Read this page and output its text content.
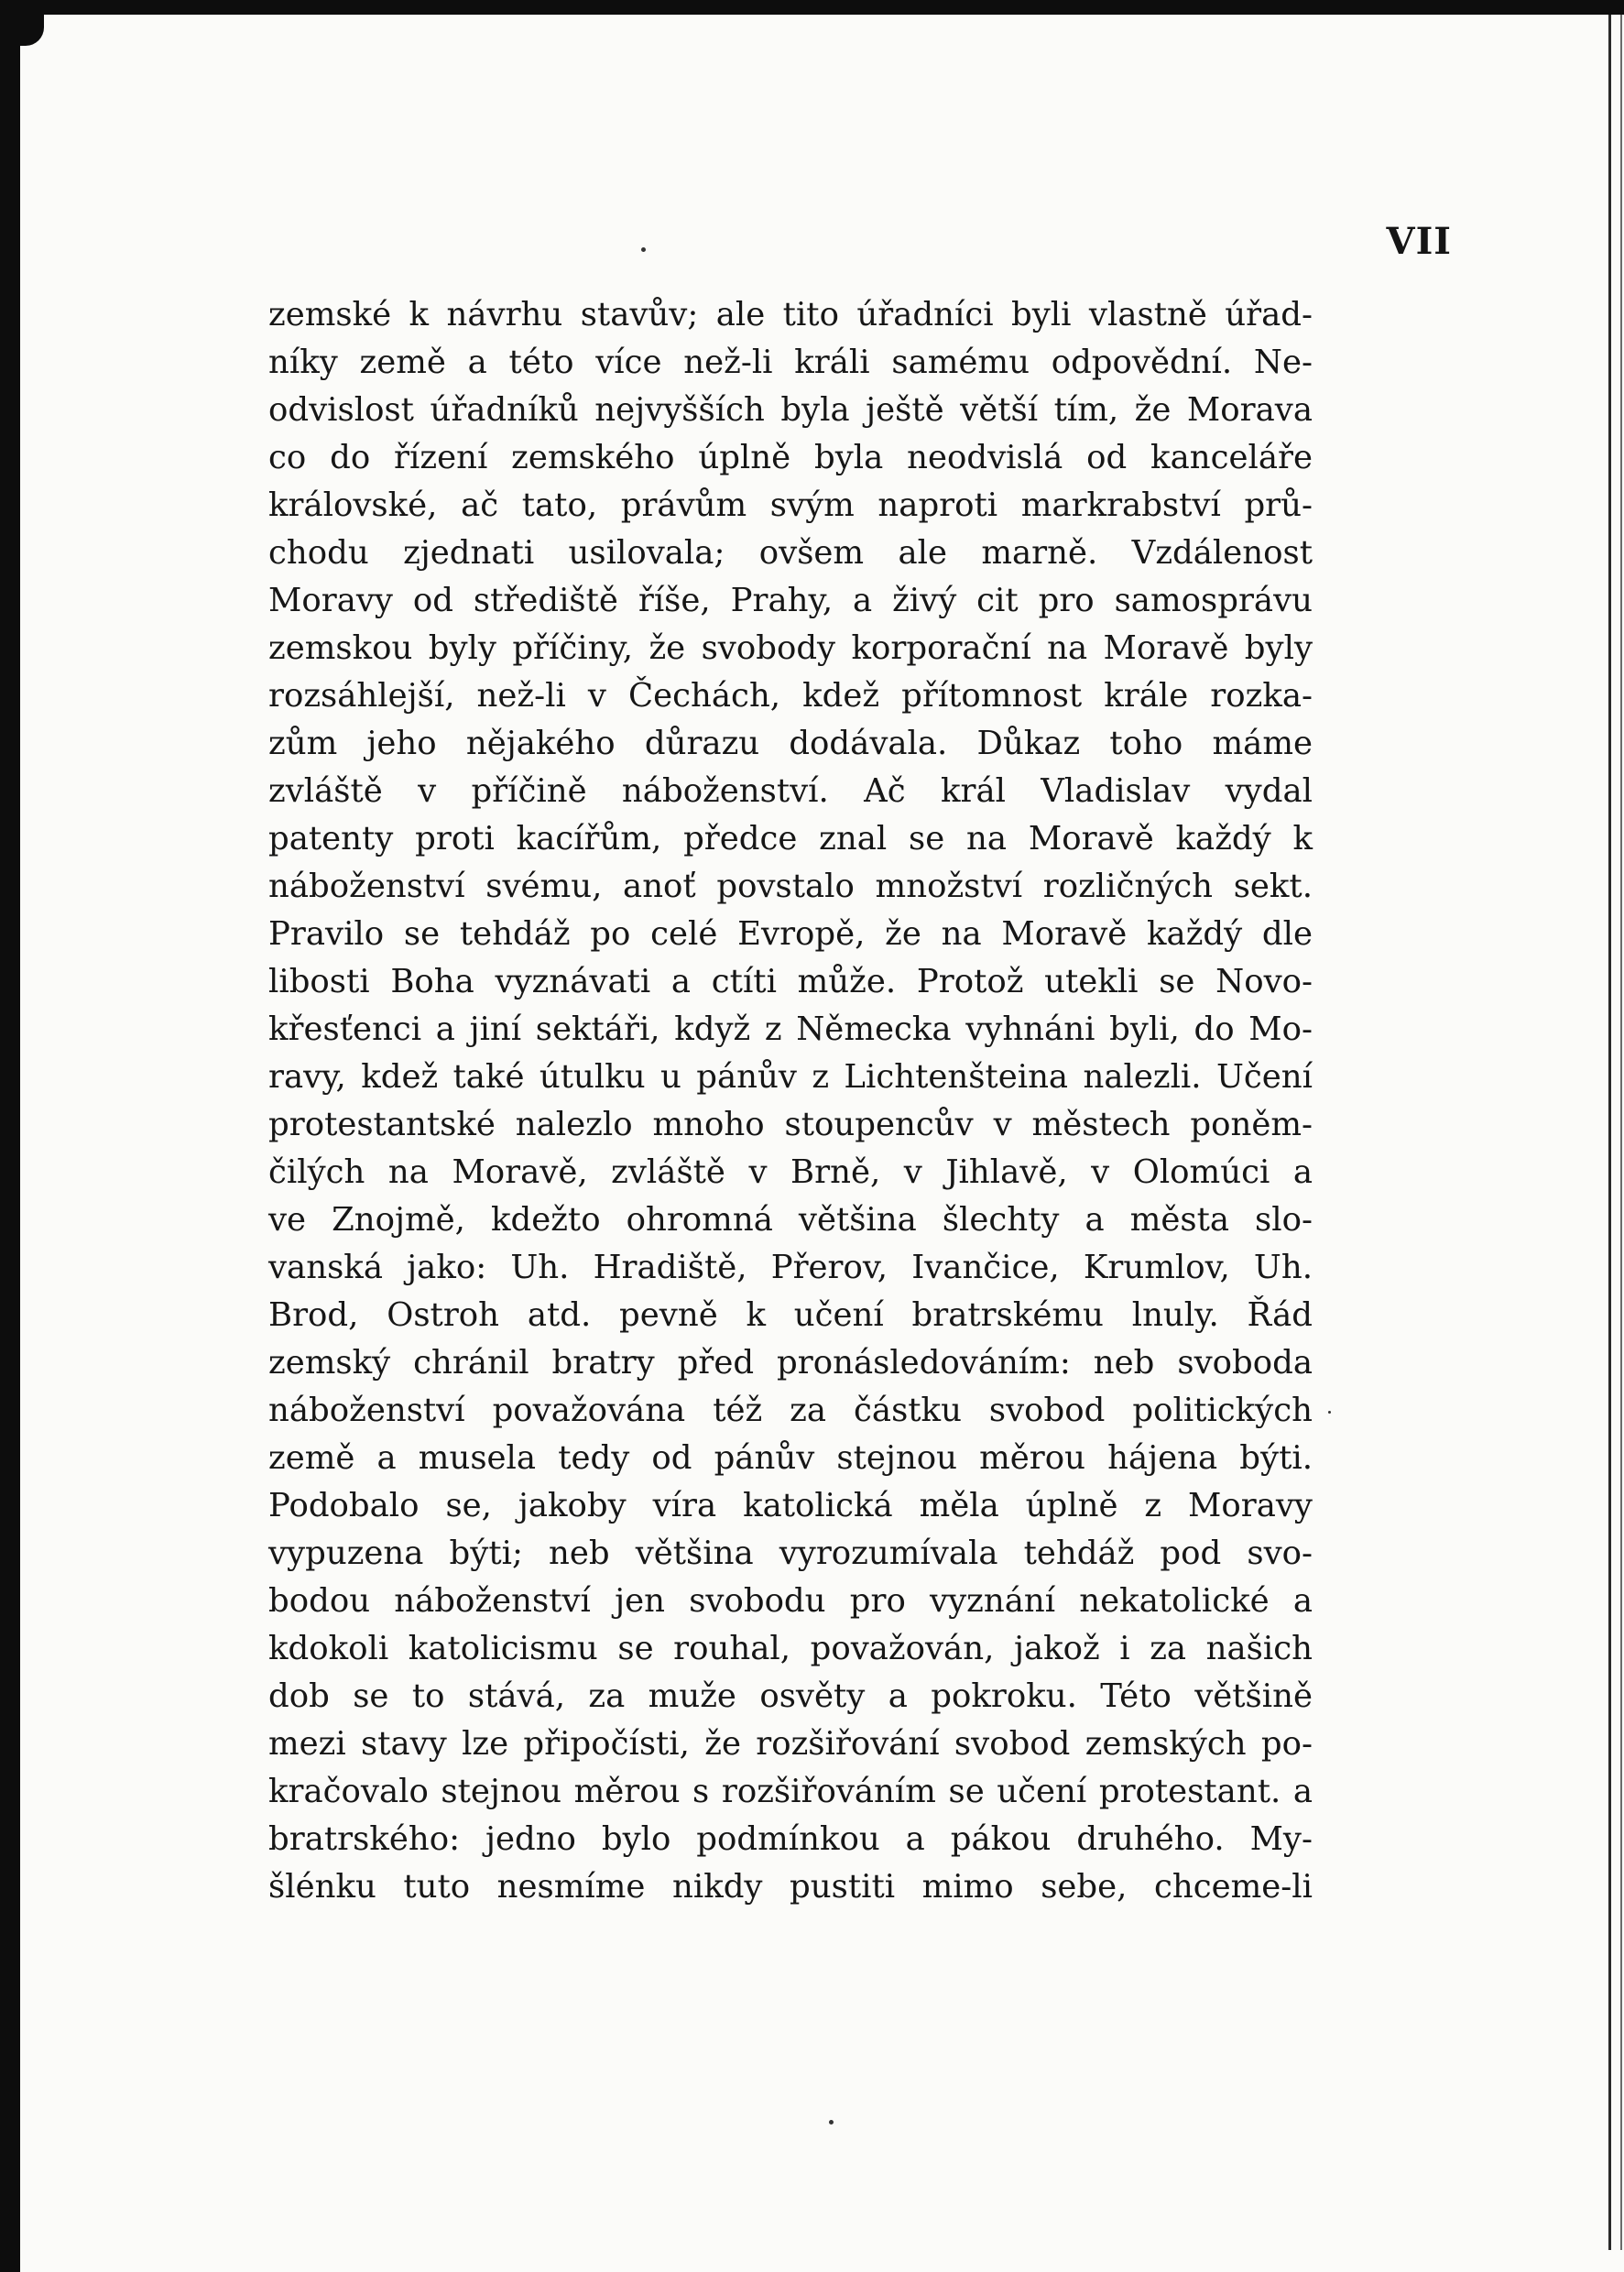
VII
zemské k návrhu stavův; ale tito úřadníci byli vlastně úřad-
níky země a této více než-li králi samému odpovědní. Ne-
odvislost úřadníků nejvyšších byla ještě větší tím, že Morava
co do řízení zemského úplně byla neodvislá od kanceláře
královské, ač tato, právům svým naproti markrabství prů-
chodu zjednati usilovala; ovšem ale marně. Vzdálenost
Moravy od střediště říše, Prahy, a živý cit pro samosprávu
zemskou byly příčiny, že svobody korporační na Moravě byly
rozsáhlejší, než-li v Čechách, kdež přítomnost krále rozka-
zům jeho nějakého důrazu dodávala. Důkaz toho máme
zvláště v příčině náboženství. Ač král Vladislav vydal
patenty proti kacířům, předce znal se na Moravě každý k
náboženství svému, anoť povstalo množství rozličných sekt.
Pravilo se tehdáž po celé Evropě, že na Moravě každý dle
libosti Boha vyznávati a ctíti může. Protož utekli se Novo-
křesťenci a jiní sektáři, když z Německa vyhnáni byli, do Mo-
ravy, kdež také útulku u pánův z Lichtenšteina nalezli. Učení
protestantské nalezlo mnoho stoupencův v městech poněm-
čilých na Moravě, zvláště v Brně, v Jihlavě, v Olomúci a
ve Znojmě, kdežto ohromná většina šlechty a města slo-
vanská jako: Uh. Hradiště, Přerov, Ivančice, Krumlov, Uh.
Brod, Ostroh atd. pevně k učení bratrskému lnuly. Řád
zemský chránil bratry před pronásledováním: neb svoboda
náboženství považována též za částku svobod politických
země a musela tedy od pánův stejnou měrou hájena býti.
Podobalo se, jakoby víra katolická měla úplně z Moravy
vypuzena býti; neb většina vyrozumívala tehdáž pod svo-
bodou náboženství jen svobodu pro vyznání nekatolické a
kdokoli katolicismu se rouhal, považován, jakož i za našich
dob se to stává, za muže osvěty a pokroku. Této většině
mezi stavy lze připočísti, že rozšiřování svobod zemských po-
kračovalo stejnou měrou s rozšiřováním se učení protestant. a
bratrského: jedno bylo podmínkou a pákou druhého. My-
šlénku tuto nesmíme nikdy pustiti mimo sebe, chceme-li
